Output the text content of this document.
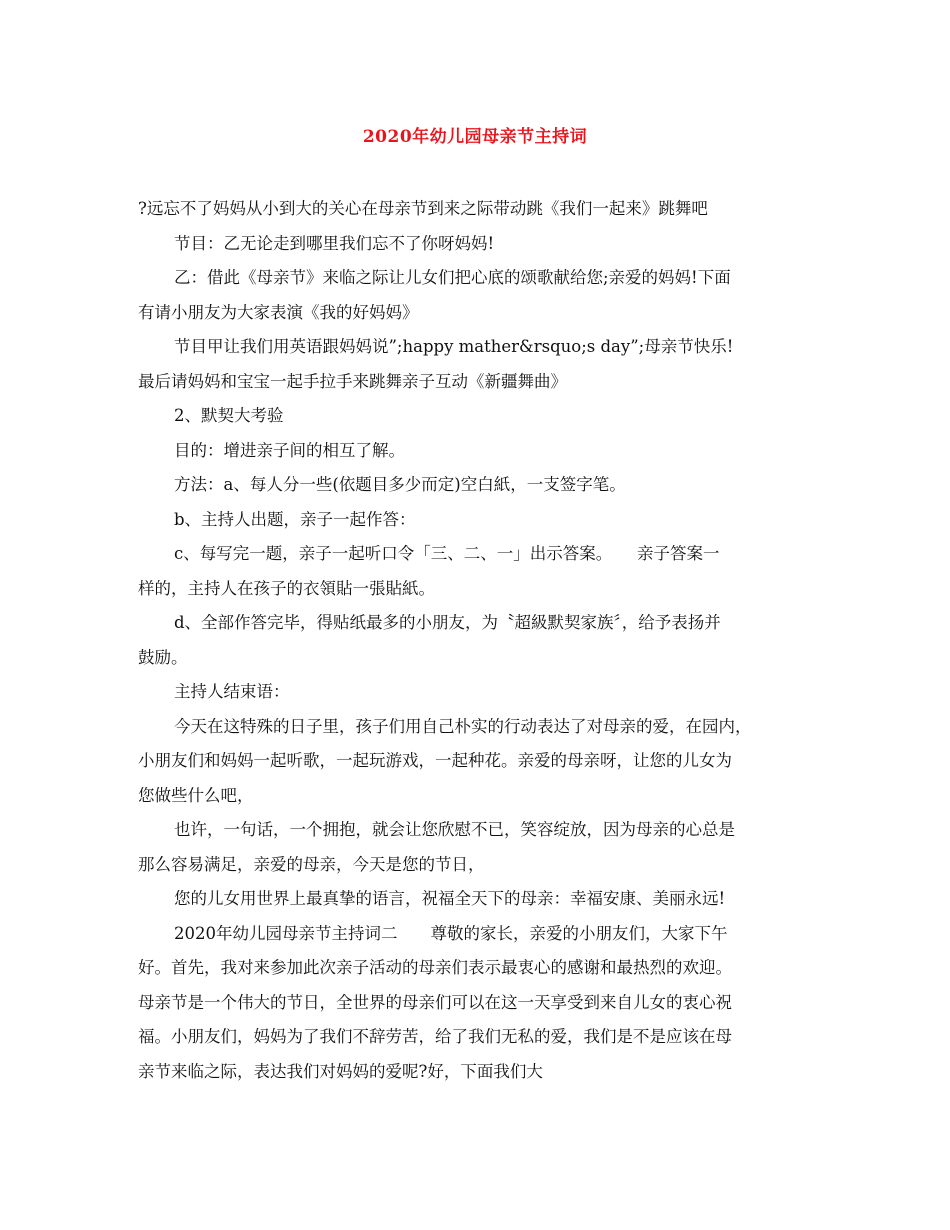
2020年幼儿园母亲节主持词
?远忘不了妈妈从小到大的关心在母亲节到来之际带动跳《我们一起来》跳舞吧
节目：乙无论走到哪里我们忘不了你呀妈妈!
乙：借此《母亲节》来临之际让儿女们把心底的颂歌献给您;亲爱的妈妈!下面
有请小朋友为大家表演《我的好妈妈》
节目甲让我们用英语跟妈妈说”;happy mather&rsquo;s day”;母亲节快乐!
最后请妈妈和宝宝一起手拉手来跳舞亲子互动《新疆舞曲》
2、默契大考验
目的：增进亲子间的相互了解。
方法：a、每人分一些(依题目多少而定)空白紙，一支签字笔。
b、主持人出题，亲子一起作答：
c、每写完一题，亲子一起听口令「三、二、一」出示答案。　　亲子答案一
样的，主持人在孩子的衣領貼一張貼紙。
d、全部作答完毕，得贴纸最多的小朋友，为〝超級默契家族〞，给予表扬并
鼓励。
主持人结束语：
今天在这特殊的日子里，孩子们用自己朴实的行动表达了对母亲的爱，在园内，
小朋友们和妈妈一起听歌，一起玩游戏，一起种花。亲爱的母亲呀，让您的儿女为
您做些什么吧，
也许，一句话，一个拥抱，就会让您欣慰不已，笑容绽放，因为母亲的心总是
那么容易满足，亲爱的母亲，今天是您的节日，
您的儿女用世界上最真挚的语言，祝福全天下的母亲：幸福安康、美丽永远!
2020年幼儿园母亲节主持词二　　尊敬的家长，亲爱的小朋友们，大家下午
好。首先，我对来参加此次亲子活动的母亲们表示最衷心的感谢和最热烈的欢迎。
母亲节是一个伟大的节日，全世界的母亲们可以在这一天享受到来自儿女的衷心祝
福。小朋友们，妈妈为了我们不辞劳苦，给了我们无私的爱，我们是不是应该在母
亲节来临之际，表达我们对妈妈的爱呢?好，下面我们大
